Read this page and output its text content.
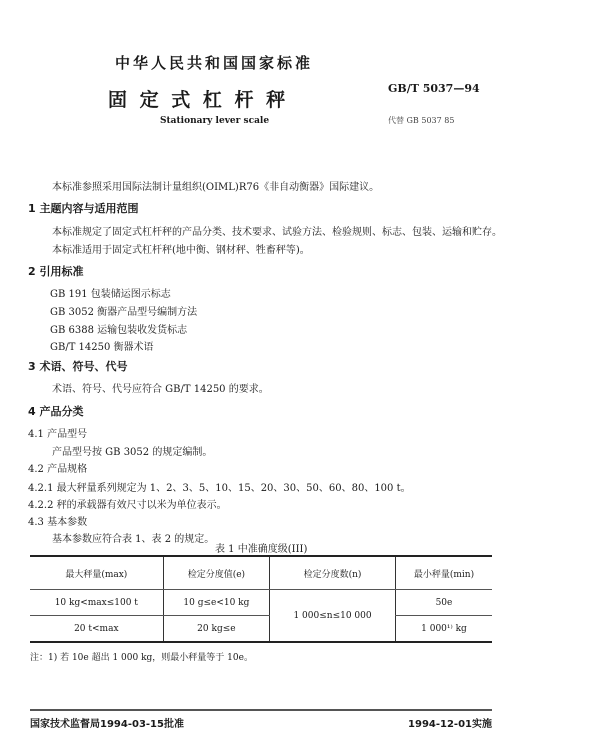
中华人民共和国国家标准
固 定 式 杠 杆 秤
Stationary lever scale
GB/T 5037—94
代替 GB 5037 85
本标准参照采用国际法制计量组织(OIML)R76《非自动衡器》国际建议。
1 主题内容与适用范围
本标准规定了固定式杠杆秤的产品分类、技术要求、试验方法、检验规则、标志、包装、运输和贮存。
本标准适用于固定式杠杆秤(地中衡、钢材秤、牲畜秤等)。
2 引用标准
GB 191 包装储运图示标志
GB 3052 衡器产品型号编制方法
GB 6388 运输包装收发货标志
GB/T 14250 衡器术语
3 术语、符号、代号
术语、符号、代号应符合 GB/T 14250 的要求。
4 产品分类
4.1 产品型号
产品型号按 GB 3052 的规定编制。
4.2 产品规格
4.2.1 最大秤量系列规定为 1、2、3、5、10、15、20、30、50、60、80、100 t。
4.2.2 秤的承载器有效尺寸以米为单位表示。
4.3 基本参数
基本参数应符合表 1、表 2 的规定。
表 1 中准确度级(III)
最大秤量(max)	检定分度值(e)	检定分度数(n)	最小秤量(min)
10 kg<max≤100 t	10 g≤e<10 kg	1 000≤n≤10 000	50e
20 t<max	20 kg≤e		1 000¹⁾ kg
注：1) 若 10e 超出 1 000 kg，则最小秤量等于 10e。
国家技术监督局1994-03-15批准	1994-12-01实施
